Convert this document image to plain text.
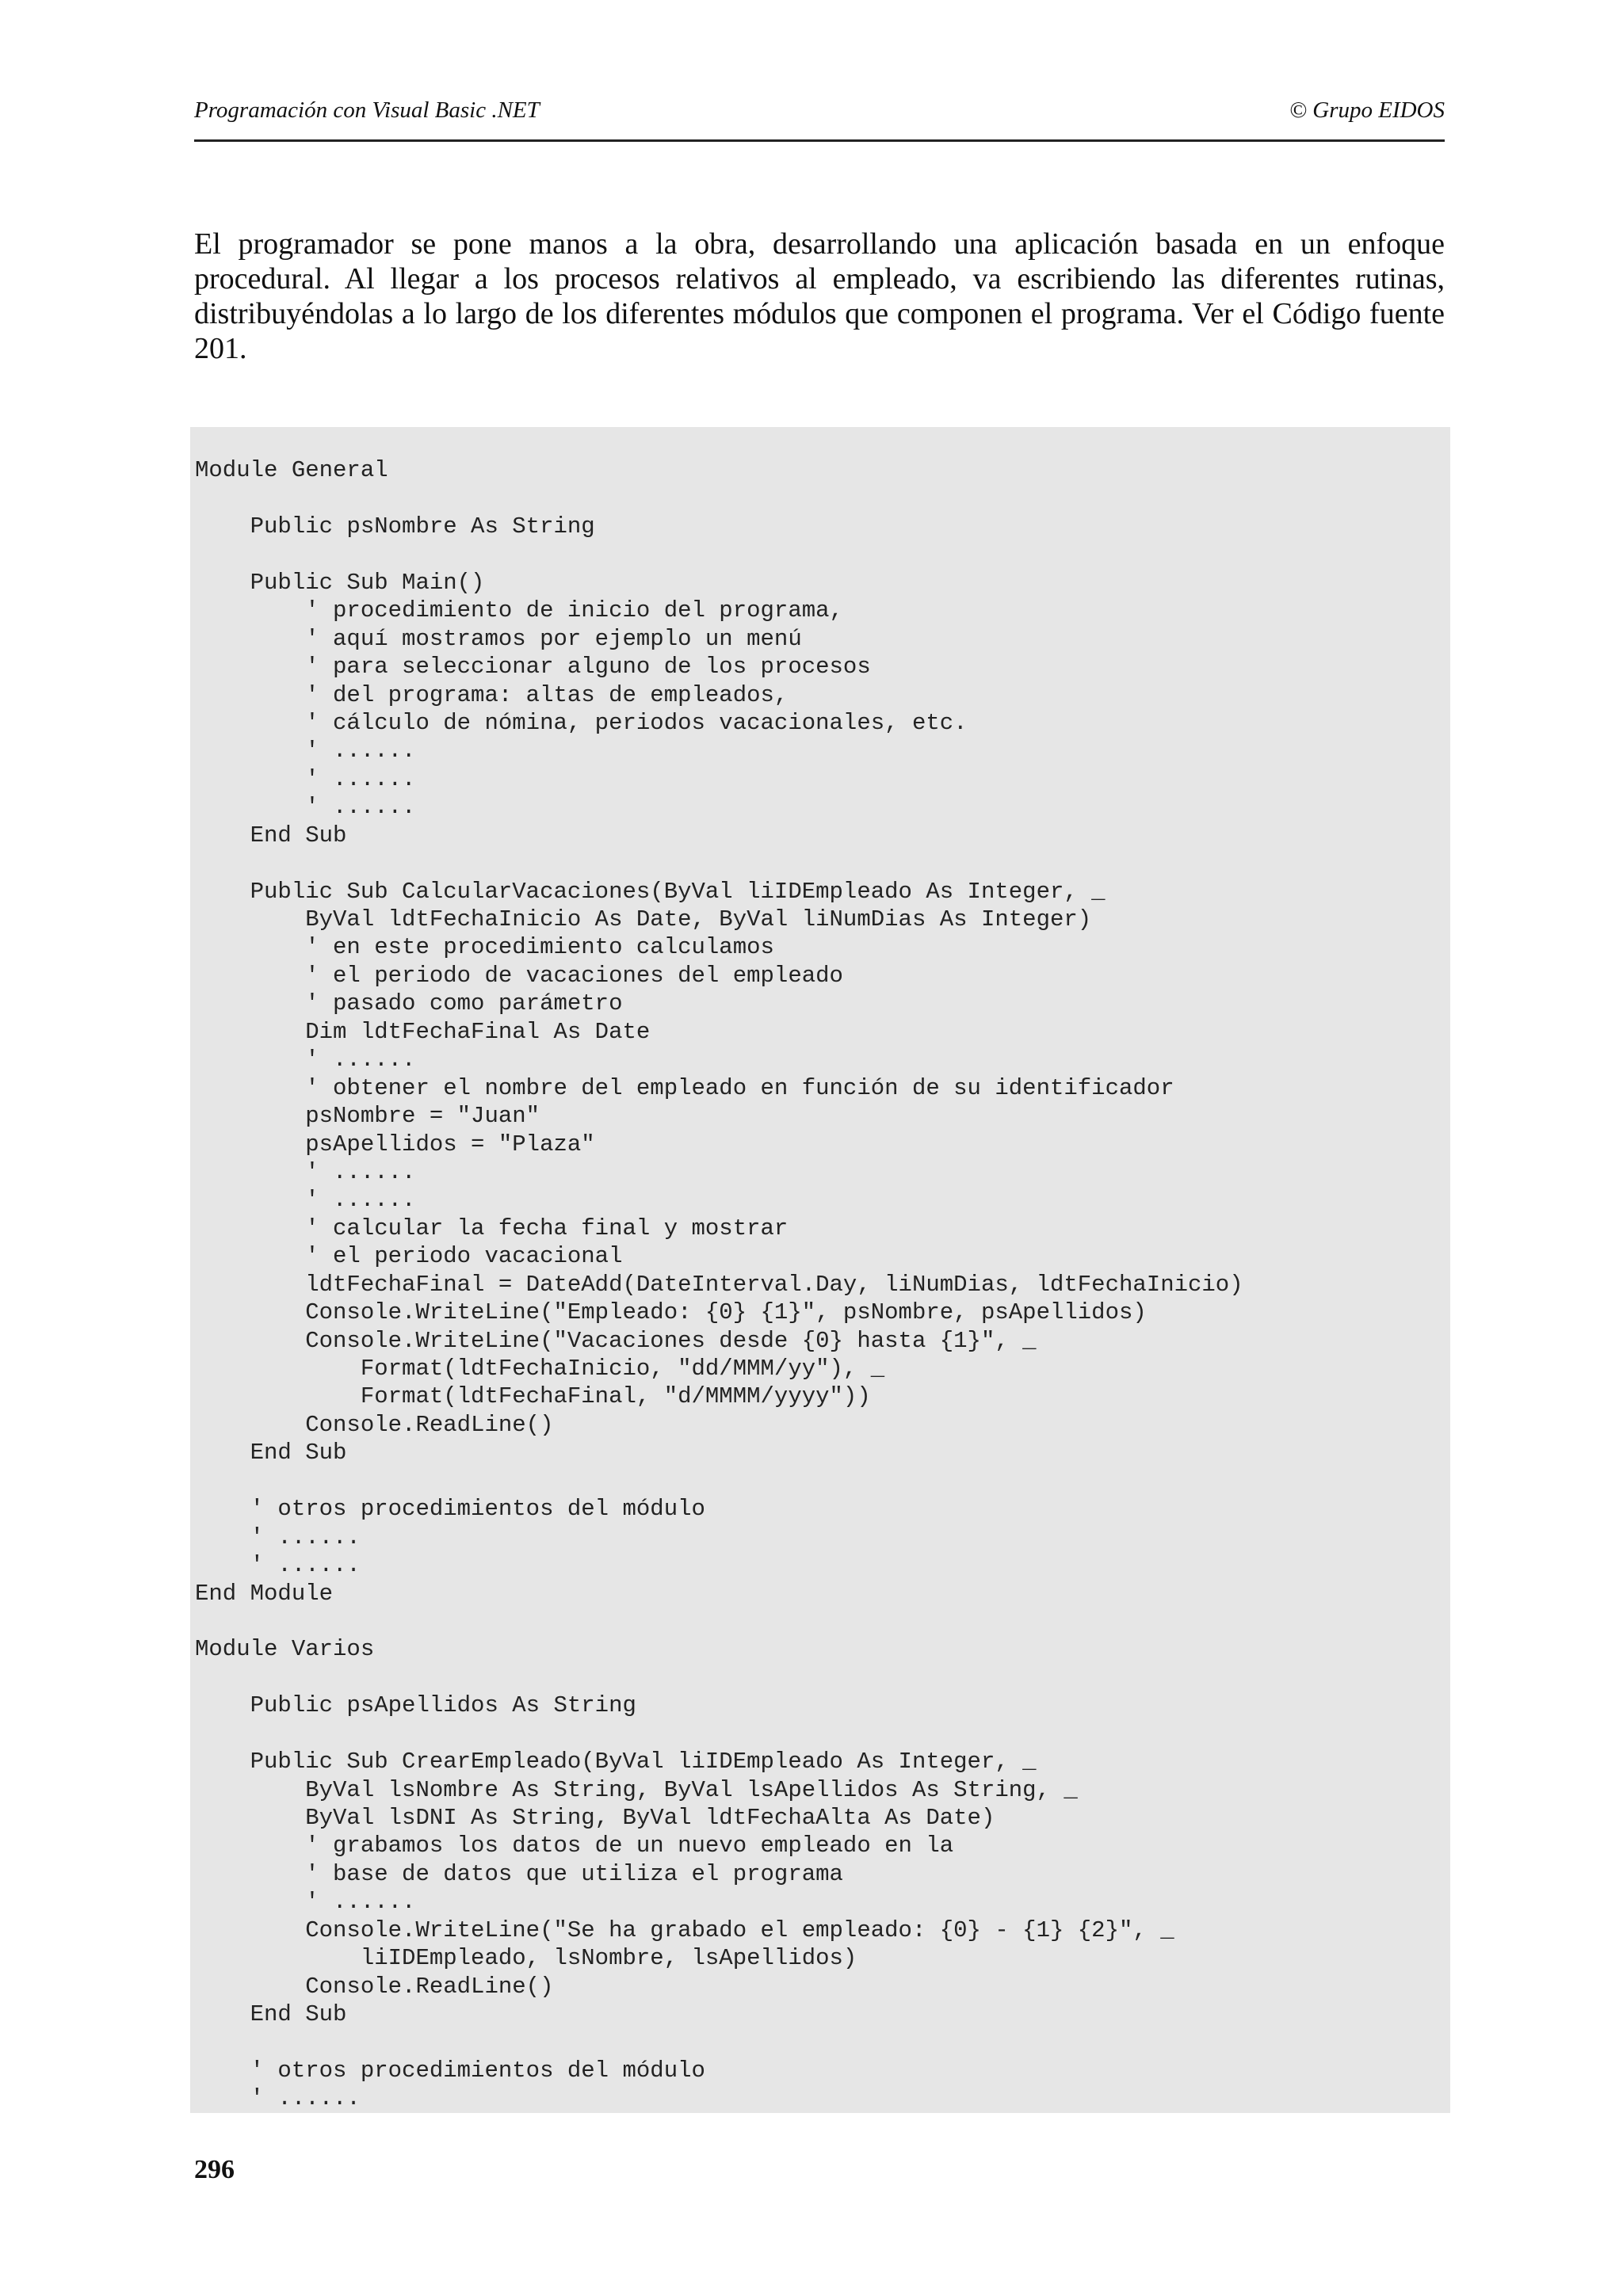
Programación con Visual Basic .NET	© Grupo EIDOS

El programador se pone manos a la obra, desarrollando una aplicación basada en un enfoque procedural. Al llegar a los procesos relativos al empleado, va escribiendo las diferentes rutinas, distribuyéndolas a lo largo de los diferentes módulos que componen el programa. Ver el Código fuente 201.

Module General
Public psNombre As String
Public Sub Main()
' procedimiento de inicio del programa,
' aquí mostramos por ejemplo un menú
' para seleccionar alguno de los procesos
' del programa: altas de empleados,
' cálculo de nómina, periodos vacacionales, etc.
' ......
' ......
' ......
End Sub
Public Sub CalcularVacaciones(ByVal liIDEmpleado As Integer, _
ByVal ldtFechaInicio As Date, ByVal liNumDias As Integer)
' en este procedimiento calculamos
' el periodo de vacaciones del empleado
' pasado como parámetro
Dim ldtFechaFinal As Date
' ......
' obtener el nombre del empleado en función de su identificador
psNombre = "Juan"
psApellidos = "Plaza"
' ......
' ......
' calcular la fecha final y mostrar
' el periodo vacacional
ldtFechaFinal = DateAdd(DateInterval.Day, liNumDias, ldtFechaInicio)
Console.WriteLine("Empleado: {0} {1}", psNombre, psApellidos)
Console.WriteLine("Vacaciones desde {0} hasta {1}", _
Format(ldtFechaInicio, "dd/MMM/yy"), _
Format(ldtFechaFinal, "d/MMMM/yyyy"))
Console.ReadLine()
End Sub
' otros procedimientos del módulo
' ......
' ......
End Module
Module Varios
Public psApellidos As String
Public Sub CrearEmpleado(ByVal liIDEmpleado As Integer, _
ByVal lsNombre As String, ByVal lsApellidos As String, _
ByVal lsDNI As String, ByVal ldtFechaAlta As Date)
' grabamos los datos de un nuevo empleado en la
' base de datos que utiliza el programa
' ......
Console.WriteLine("Se ha grabado el empleado: {0} - {1} {2}", _
liIDEmpleado, lsNombre, lsApellidos)
Console.ReadLine()
End Sub
' otros procedimientos del módulo
' ......
296
